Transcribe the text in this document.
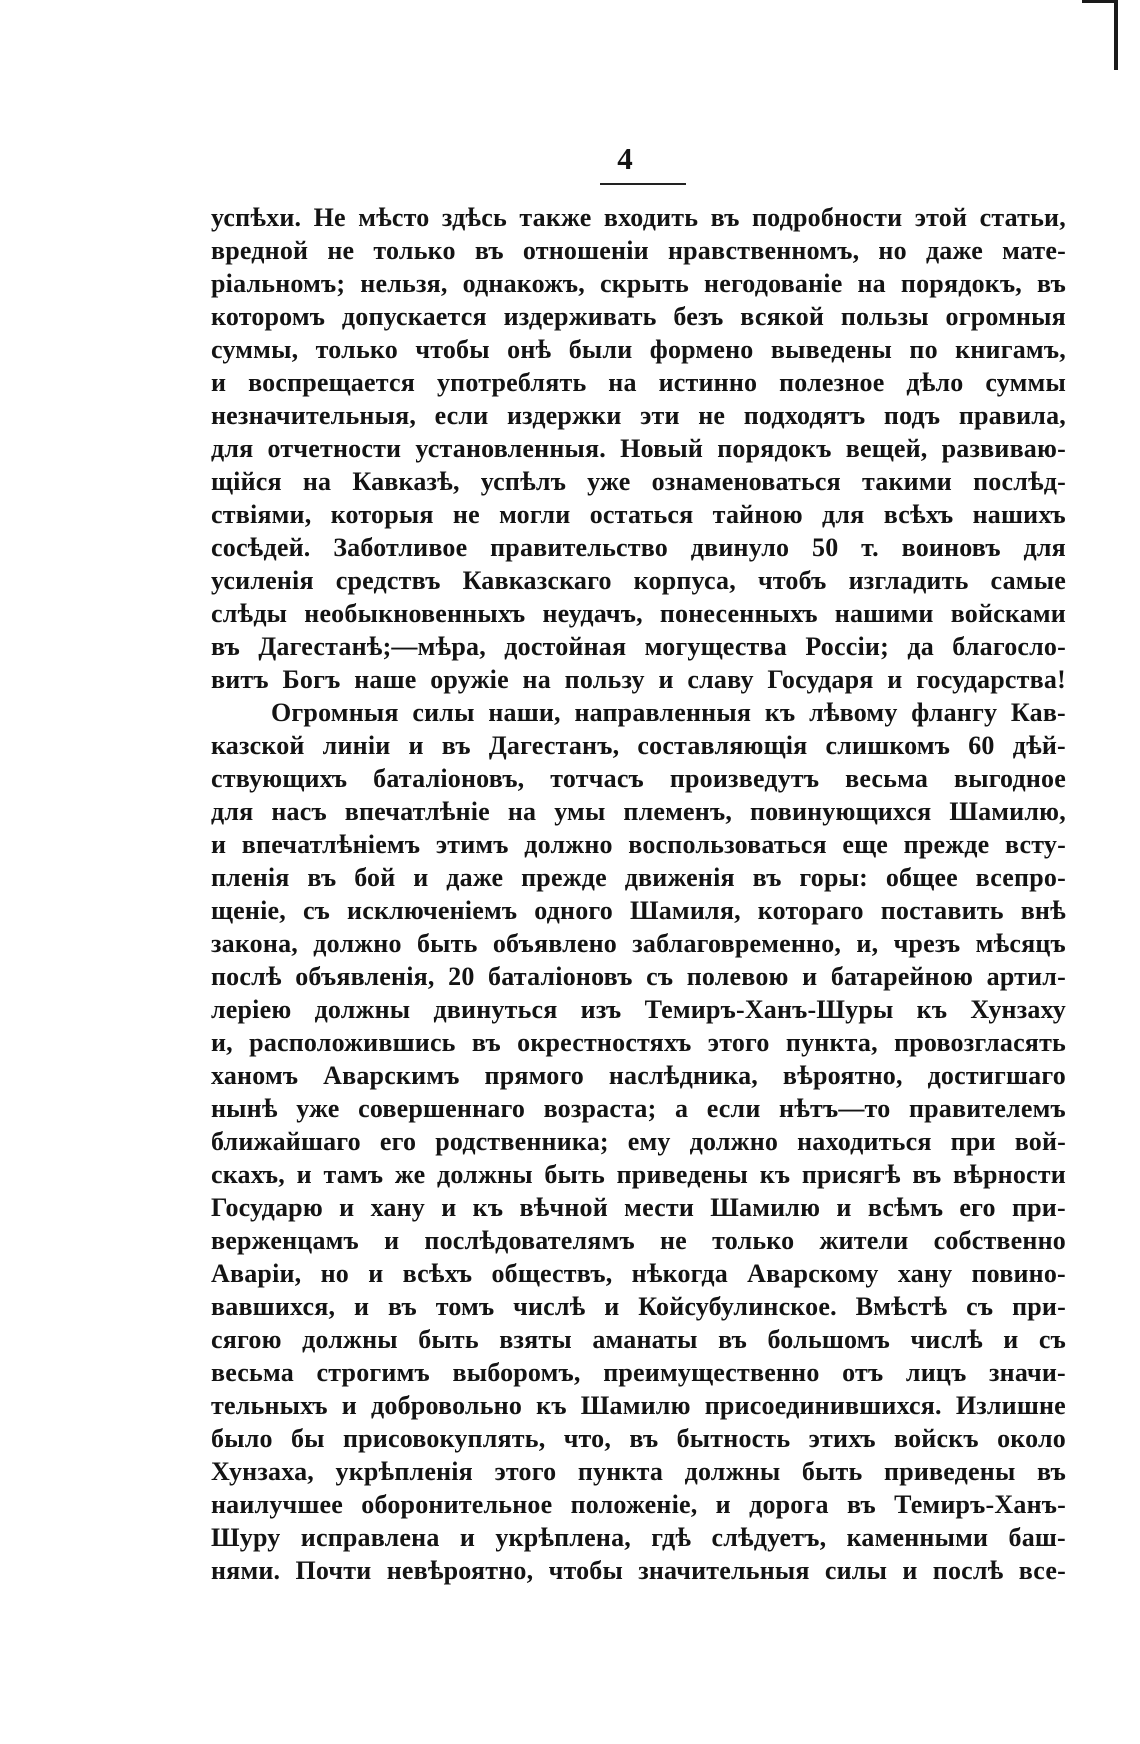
4
успѣхи. Не мѣсто здѣсь также входить въ подробности этой статьи,
вредной не только въ отношеніи нравственномъ, но даже мате-
ріальномъ; нельзя, однакожъ, скрыть негодованіе на порядокъ, въ
которомъ допускается издерживать безъ всякой пользы огромныя
суммы, только чтобы онѣ были формено выведены по книгамъ,
и воспрещается употреблять на истинно полезное дѣло суммы
незначительныя, если издержки эти не подходятъ подъ правила,
для отчетности установленныя. Новый порядокъ вещей, развиваю-
щійся на Кавказѣ, успѣлъ уже ознаменоваться такими послѣд-
ствіями, которыя не могли остаться тайною для всѣхъ нашихъ
сосѣдей. Заботливое правительство двинуло 50 т. воиновъ для
усиленія средствъ Кавказскаго корпуса, чтобъ изгладить самые
слѣды необыкновенныхъ неудачъ, понесенныхъ нашими войсками
въ Дагестанѣ;—мѣра, достойная могущества Россіи; да благосло-
витъ Богъ наше оружіе на пользу и славу Государя и государства!
Огромныя силы наши, направленныя къ лѣвому флангу Кав-
казской линіи и въ Дагестанъ, составляющія слишкомъ 60 дѣй-
ствующихъ баталіоновъ, тотчасъ произведутъ весьма выгодное
для насъ впечатлѣніе на умы племенъ, повинующихся Шамилю,
и впечатлѣніемъ этимъ должно воспользоваться еще прежде всту-
пленія въ бой и даже прежде движенія въ горы: общее всепро-
щеніе, съ исключеніемъ одного Шамиля, котораго поставить внѣ
закона, должно быть объявлено заблаговременно, и, чрезъ мѣсяцъ
послѣ объявленія, 20 баталіоновъ съ полевою и батарейною артил-
леріею должны двинуться изъ Темиръ-Ханъ-Шуры къ Хунзаху
и, расположившись въ окрестностяхъ этого пункта, провозгласять
ханомъ Аварскимъ прямого наслѣдника, вѣроятно, достигшаго
нынѣ уже совершеннаго возраста; а если нѣтъ—то правителемъ
ближайшаго его родственника; ему должно находиться при вой-
скахъ, и тамъ же должны быть приведены къ присягѣ въ вѣрности
Государю и хану и къ вѣчной мести Шамилю и всѣмъ его при-
верженцамъ и послѣдователямъ не только жители собственно
Аваріи, но и всѣхъ обществъ, нѣкогда Аварскому хану повино-
вавшихся, и въ томъ числѣ и Койсубулинское. Вмѣстѣ съ при-
сягою должны быть взяты аманаты въ большомъ числѣ и съ
весьма строгимъ выборомъ, преимущественно отъ лицъ значи-
тельныхъ и добровольно къ Шамилю присоединившихся. Излишне
было бы присовокуплять, что, въ бытность этихъ войскъ около
Хунзаха, укрѣпленія этого пункта должны быть приведены въ
наилучшее оборонительное положеніе, и дорога въ Темиръ-Ханъ-
Шуру исправлена и укрѣплена, гдѣ слѣдуетъ, каменными баш-
нями. Почти невѣроятно, чтобы значительныя силы и послѣ все-
